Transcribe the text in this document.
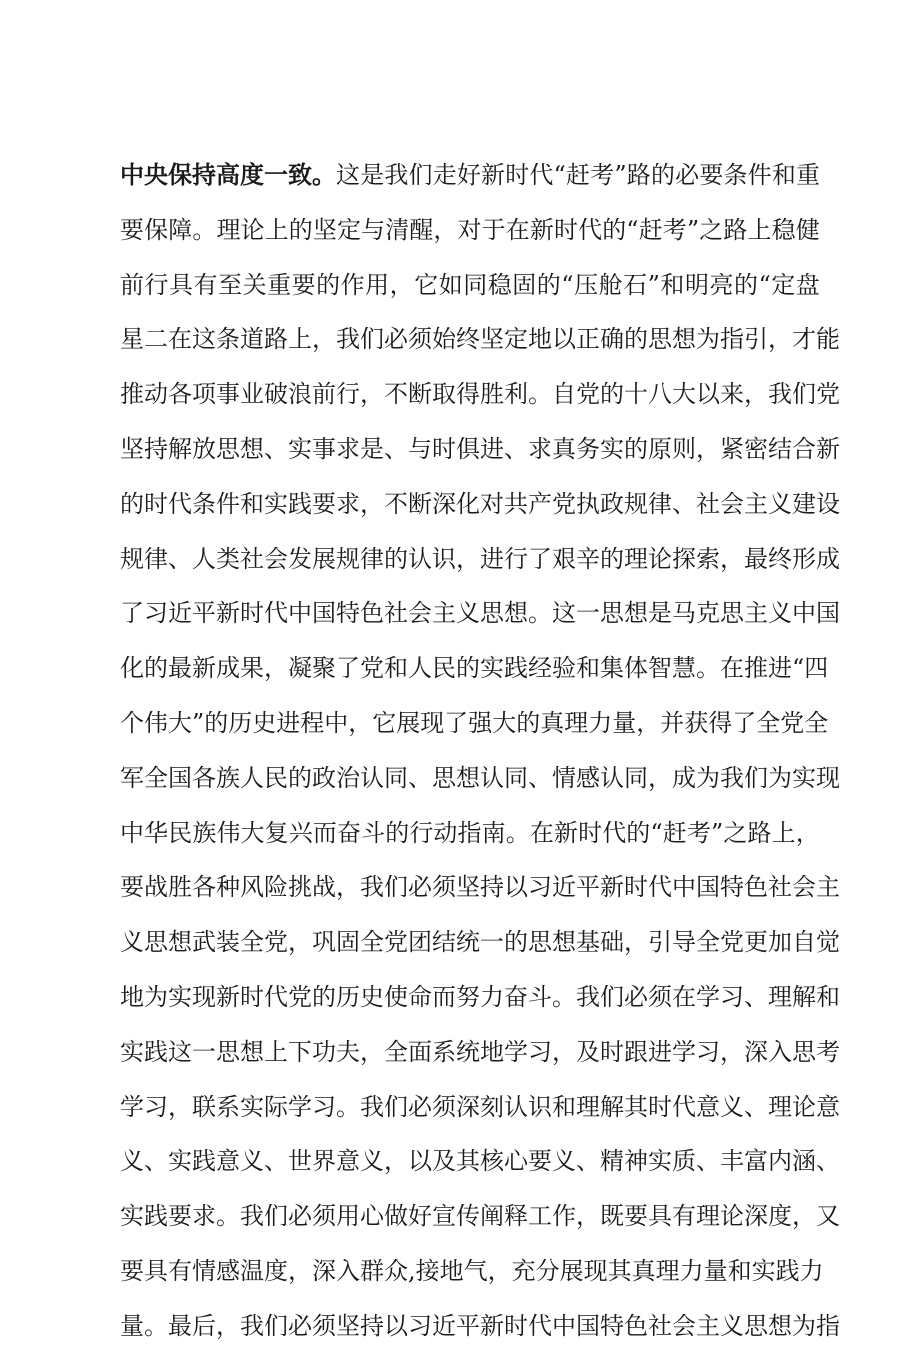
中央保持高度一致。 这 是 我 们 走 好 新 时 代 “ 赶 考 ” 路 的 必 要 条 件 和 重
要 保 障 。 理 论 上 的 坚 定 与 清 醒 ， 对 于 在 新 时 代 的 “ 赶 考 ” 之 路 上 稳 健
前 行 具 有 至 关 重 要 的 作 用 ， 它 如 同 稳 固 的 “ 压 舱 石 ” 和 明 亮 的 “ 定 盘
星 二 在 这 条 道 路 上 ， 我 们 必 须 始 终 坚 定 地 以 正 确 的 思 想 为 指 引 ， 才 能
推 动 各 项 事 业 破 浪 前 行 ， 不 断 取 得 胜 利 。 自 党 的 十 八 大 以 来 ， 我 们 党
坚 持 解 放 思 想 、 实 事 求 是 、 与 时 俱 进 、 求 真 务 实 的 原 则 ， 紧 密 结 合 新
的 时 代 条 件 和 实 践 要 求 ， 不 断 深 化 对 共 产 党 执 政 规 律 、 社 会 主 义 建 设
规 律 、 人 类 社 会 发 展 规 律 的 认 识 ， 进 行 了 艰 辛 的 理 论 探 索 ， 最 终 形 成
了 习 近 平 新 时 代 中 国 特 色 社 会 主 义 思 想 。 这 一 思 想 是 马 克 思 主 义 中 国
化 的 最 新 成 果 ， 凝 聚 了 党 和 人 民 的 实 践 经 验 和 集 体 智 慧 。 在 推 进 “ 四
个 伟 大 ” 的 历 史 进 程 中 ， 它 展 现 了 强 大 的 真 理 力 量 ， 并 获 得 了 全 党 全
军 全 国 各 族 人 民 的 政 治 认 同 、 思 想 认 同 、 情 感 认 同 ， 成 为 我 们 为 实 现
中 华 民 族 伟 大 复 兴 而 奋 斗 的 行 动 指 南 。 在 新 时 代 的 “ 赶 考 ” 之 路 上 ，
要 战 胜 各 种 风 险 挑 战 ， 我 们 必 须 坚 持 以 习 近 平 新 时 代 中 国 特 色 社 会 主
义 思 想 武 装 全 党 ， 巩 固 全 党 团 结 统 一 的 思 想 基 础 ， 引 导 全 党 更 加 自 觉
地 为 实 现 新 时 代 党 的 历 史 使 命 而 努 力 奋 斗 。 我 们 必 须 在 学 习 、 理 解 和
实 践 这 一 思 想 上 下 功 夫 ， 全 面 系 统 地 学 习 ， 及 时 跟 进 学 习 ， 深 入 思 考
学 习 ， 联 系 实 际 学 习 。 我 们 必 须 深 刻 认 识 和 理 解 其 时 代 意 义 、 理 论 意
义 、 实 践 意 义 、 世 界 意 义 ， 以 及 其 核 心 要 义 、 精 神 实 质 、 丰 富 内 涵 、
实 践 要 求 。 我 们 必 须 用 心 做 好 宣 传 阐 释 工 作 ， 既 要 具 有 理 论 深 度 ， 又
要 具 有 情 感 温 度 ， 深 入 群 众 , 接 地 气 ， 充 分 展 现 其 真 理 力 量 和 实 践 力
量 。 最 后 ， 我 们 必 须 坚 持 以 习 近 平 新 时 代 中 国 特 色 社 会 主 义 思 想 为 指
